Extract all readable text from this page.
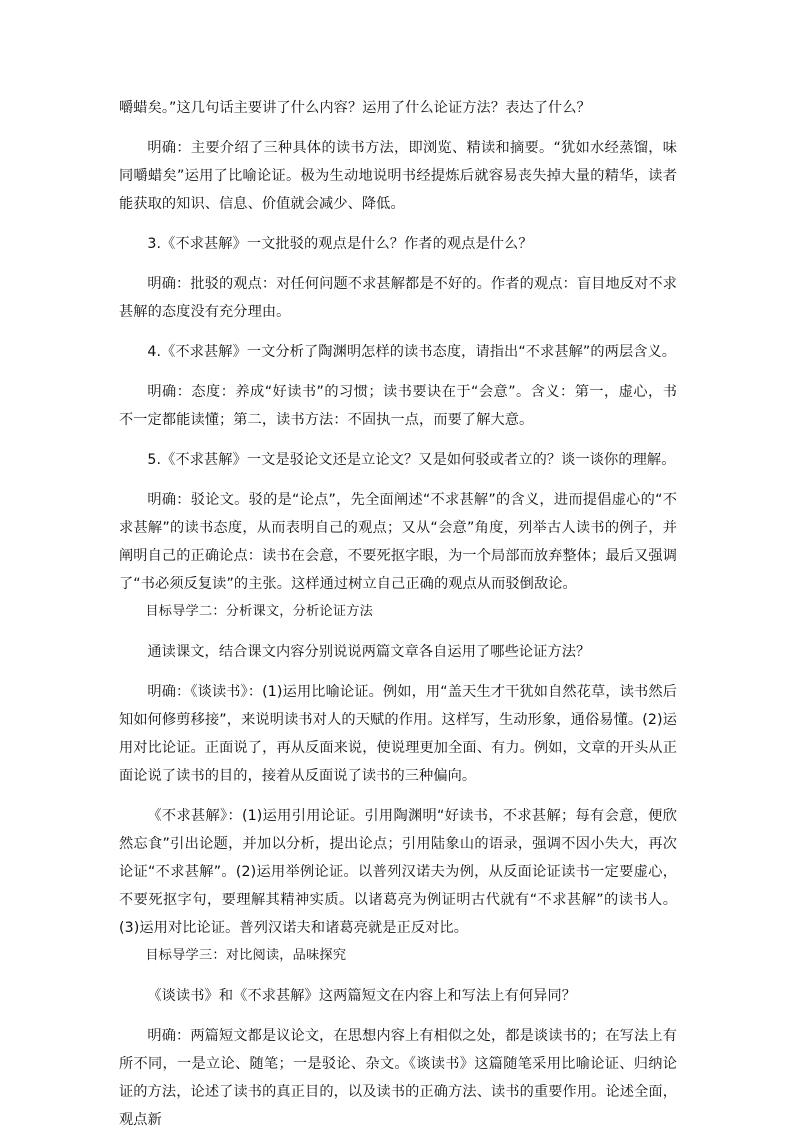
嚼蜡矣。”这几句话主要讲了什么内容？运用了什么论证方法？表达了什么？

明确：主要介绍了三种具体的读书方法，即浏览、精读和摘要。“犹如水经蒸馏，味同嚼蜡矣”运用了比喻论证。极为生动地说明书经提炼后就容易丧失掉大量的精华，读者能获取的知识、信息、价值就会减少、降低。

3.《不求甚解》一文批驳的观点是什么？作者的观点是什么？

明确：批驳的观点：对任何问题不求甚解都是不好的。作者的观点：盲目地反对不求甚解的态度没有充分理由。

4.《不求甚解》一文分析了陶渊明怎样的读书态度，请指出“不求甚解”的两层含义。

明确：态度：养成“好读书”的习惯；读书要诀在于“会意”。含义：第一，虚心，书不一定都能读懂；第二，读书方法：不固执一点，而要了解大意。

5.《不求甚解》一文是驳论文还是立论文？又是如何驳或者立的？谈一谈你的理解。

明确：驳论文。驳的是“论点”，先全面阐述“不求甚解”的含义，进而提倡虚心的“不求甚解”的读书态度，从而表明自己的观点；又从“会意”角度，列举古人读书的例子，并阐明自己的正确论点：读书在会意，不要死抠字眼，为一个局部而放弃整体；最后又强调了“书必须反复读”的主张。这样通过树立自己正确的观点从而驳倒敌论。

目标导学二：分析课文，分析论证方法

通读课文，结合课文内容分别说说两篇文章各自运用了哪些论证方法？

明确：《谈读书》：(1)运用比喻论证。例如，用“盖天生才干犹如自然花草，读书然后知如何修剪移接”，来说明读书对人的天赋的作用。这样写，生动形象，通俗易懂。(2)运用对比论证。正面说了，再从反面来说，使说理更加全面、有力。例如，文章的开头从正面论说了读书的目的，接着从反面说了读书的三种偏向。

《不求甚解》：(1)运用引用论证。引用陶渊明“好读书，不求甚解；每有会意，便欣然忘食”引出论题，并加以分析，提出论点；引用陆象山的语录，强调不因小失大，再次论证“不求甚解”。(2)运用举例论证。以普列汉诺夫为例，从反面论证读书一定要虚心，不要死抠字句，要理解其精神实质。以诸葛亮为例证明古代就有“不求甚解”的读书人。(3)运用对比论证。普列汉诺夫和诸葛亮就是正反对比。

目标导学三：对比阅读，品味探究

《谈读书》和《不求甚解》这两篇短文在内容上和写法上有何异同？

明确：两篇短文都是议论文，在思想内容上有相似之处，都是谈读书的；在写法上有所不同，一是立论、随笔；一是驳论、杂文。《谈读书》这篇随笔采用比喻论证、归纳论证的方法，论述了读书的真正目的，以及读书的正确方法、读书的重要作用。论述全面，观点新
